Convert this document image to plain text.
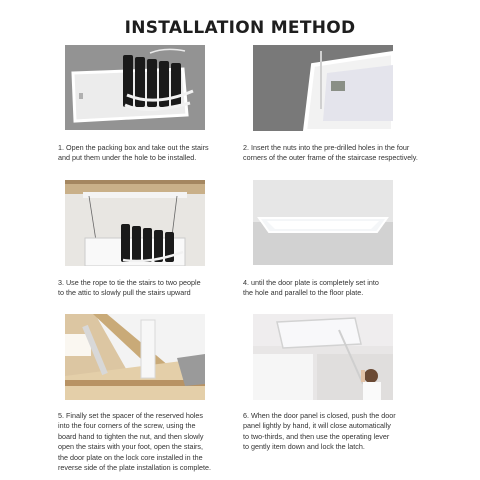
INSTALLATION METHOD
1. Open the packing box and take out the stairs
and put them under the hole to be installed.
2. Insert the nuts into the pre-drilled holes in the four
corners of the outer frame of the staircase respectively.
3. Use the rope to tie the stairs to two people
to the attic to slowly pull the stairs upward
4. until the door plate is completely set into
the hole and parallel to the floor plate.
5. Finally set the spacer of the reserved holes
into the four corners of the screw, using the
board hand to tighten the nut, and then slowly
open the stairs with your foot, open the stairs,
the door plate on the lock core installed in the
reverse side of the plate installation is complete.
6. When the door panel is closed, push the door
panel lightly by hand, it will close automatically
to two-thirds, and then use the operating lever
to gently item down and lock the latch.
